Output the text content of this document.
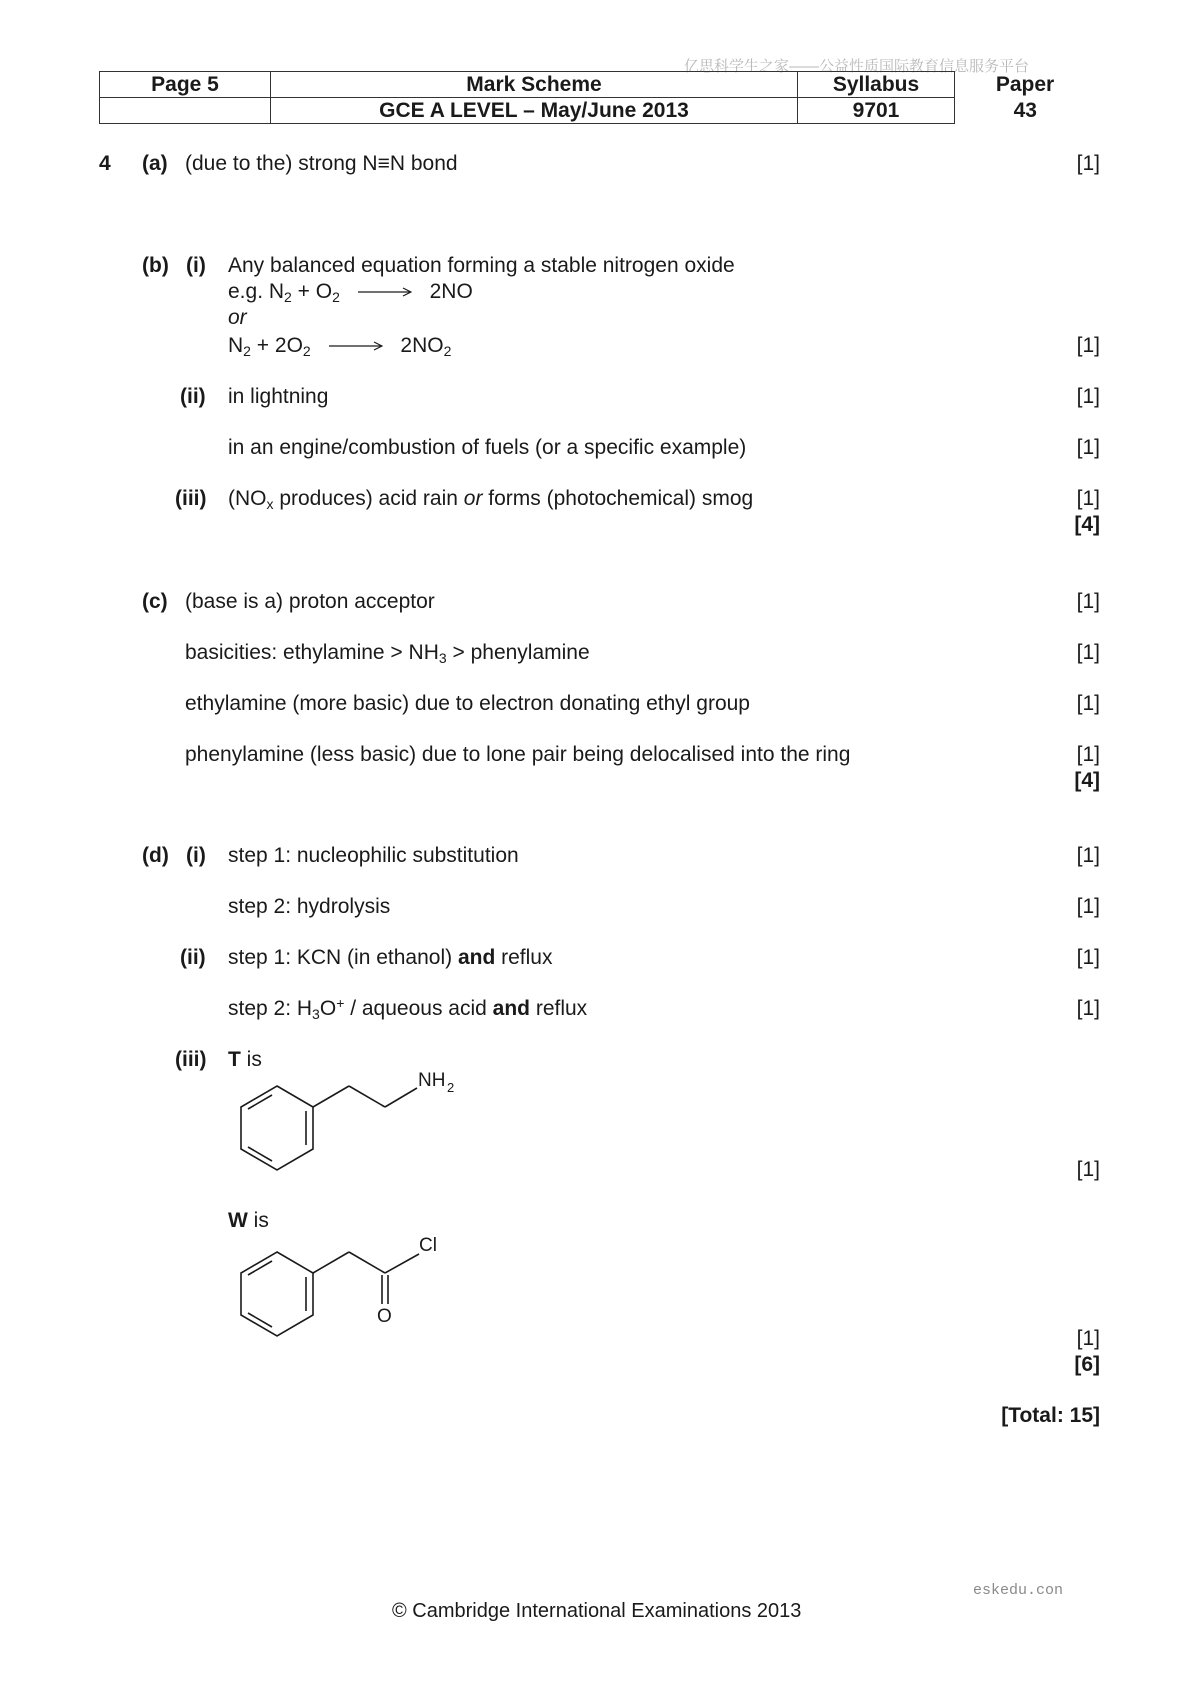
亿思科学生之家——公益性质国际教育信息服务平台
Page 5	Mark Scheme	Syllabus	Paper
	GCE A LEVEL – May/June 2013	9701	43
4 (a) (due to the) strong N≡N bond	[1]
(b) (i) Any balanced equation forming a stable nitrogen oxide
e.g. $N_2 + O_2 \to 2NO$
or
$N_2 + 2O_2 \to 2NO_2$	[1]
(ii) in lightning	[1]
in an engine/combustion of fuels (or a specific example)	[1]
(iii) ($NO_x$ produces) acid rain or forms (photochemical) smog	[1]
[4]
(c) (base is a) proton acceptor	[1]
basicities: ethylamine > $NH_3$ > phenylamine	[1]
ethylamine (more basic) due to electron donating ethyl group	[1]
phenylamine (less basic) due to lone pair being delocalised into the ring	[1]
[4]
(d) (i) step 1: nucleophilic substitution	[1]
step 2: hydrolysis	[1]
(ii) step 1: KCN (in ethanol) and reflux	[1]
step 2: $H_3O^+$ / aqueous acid and reflux	[1]
(iii) T is
NH 2
[1]
W is
Cl
O
[1]
[6]
[Total: 15]
eskedu.con
© Cambridge International Examinations 2013
